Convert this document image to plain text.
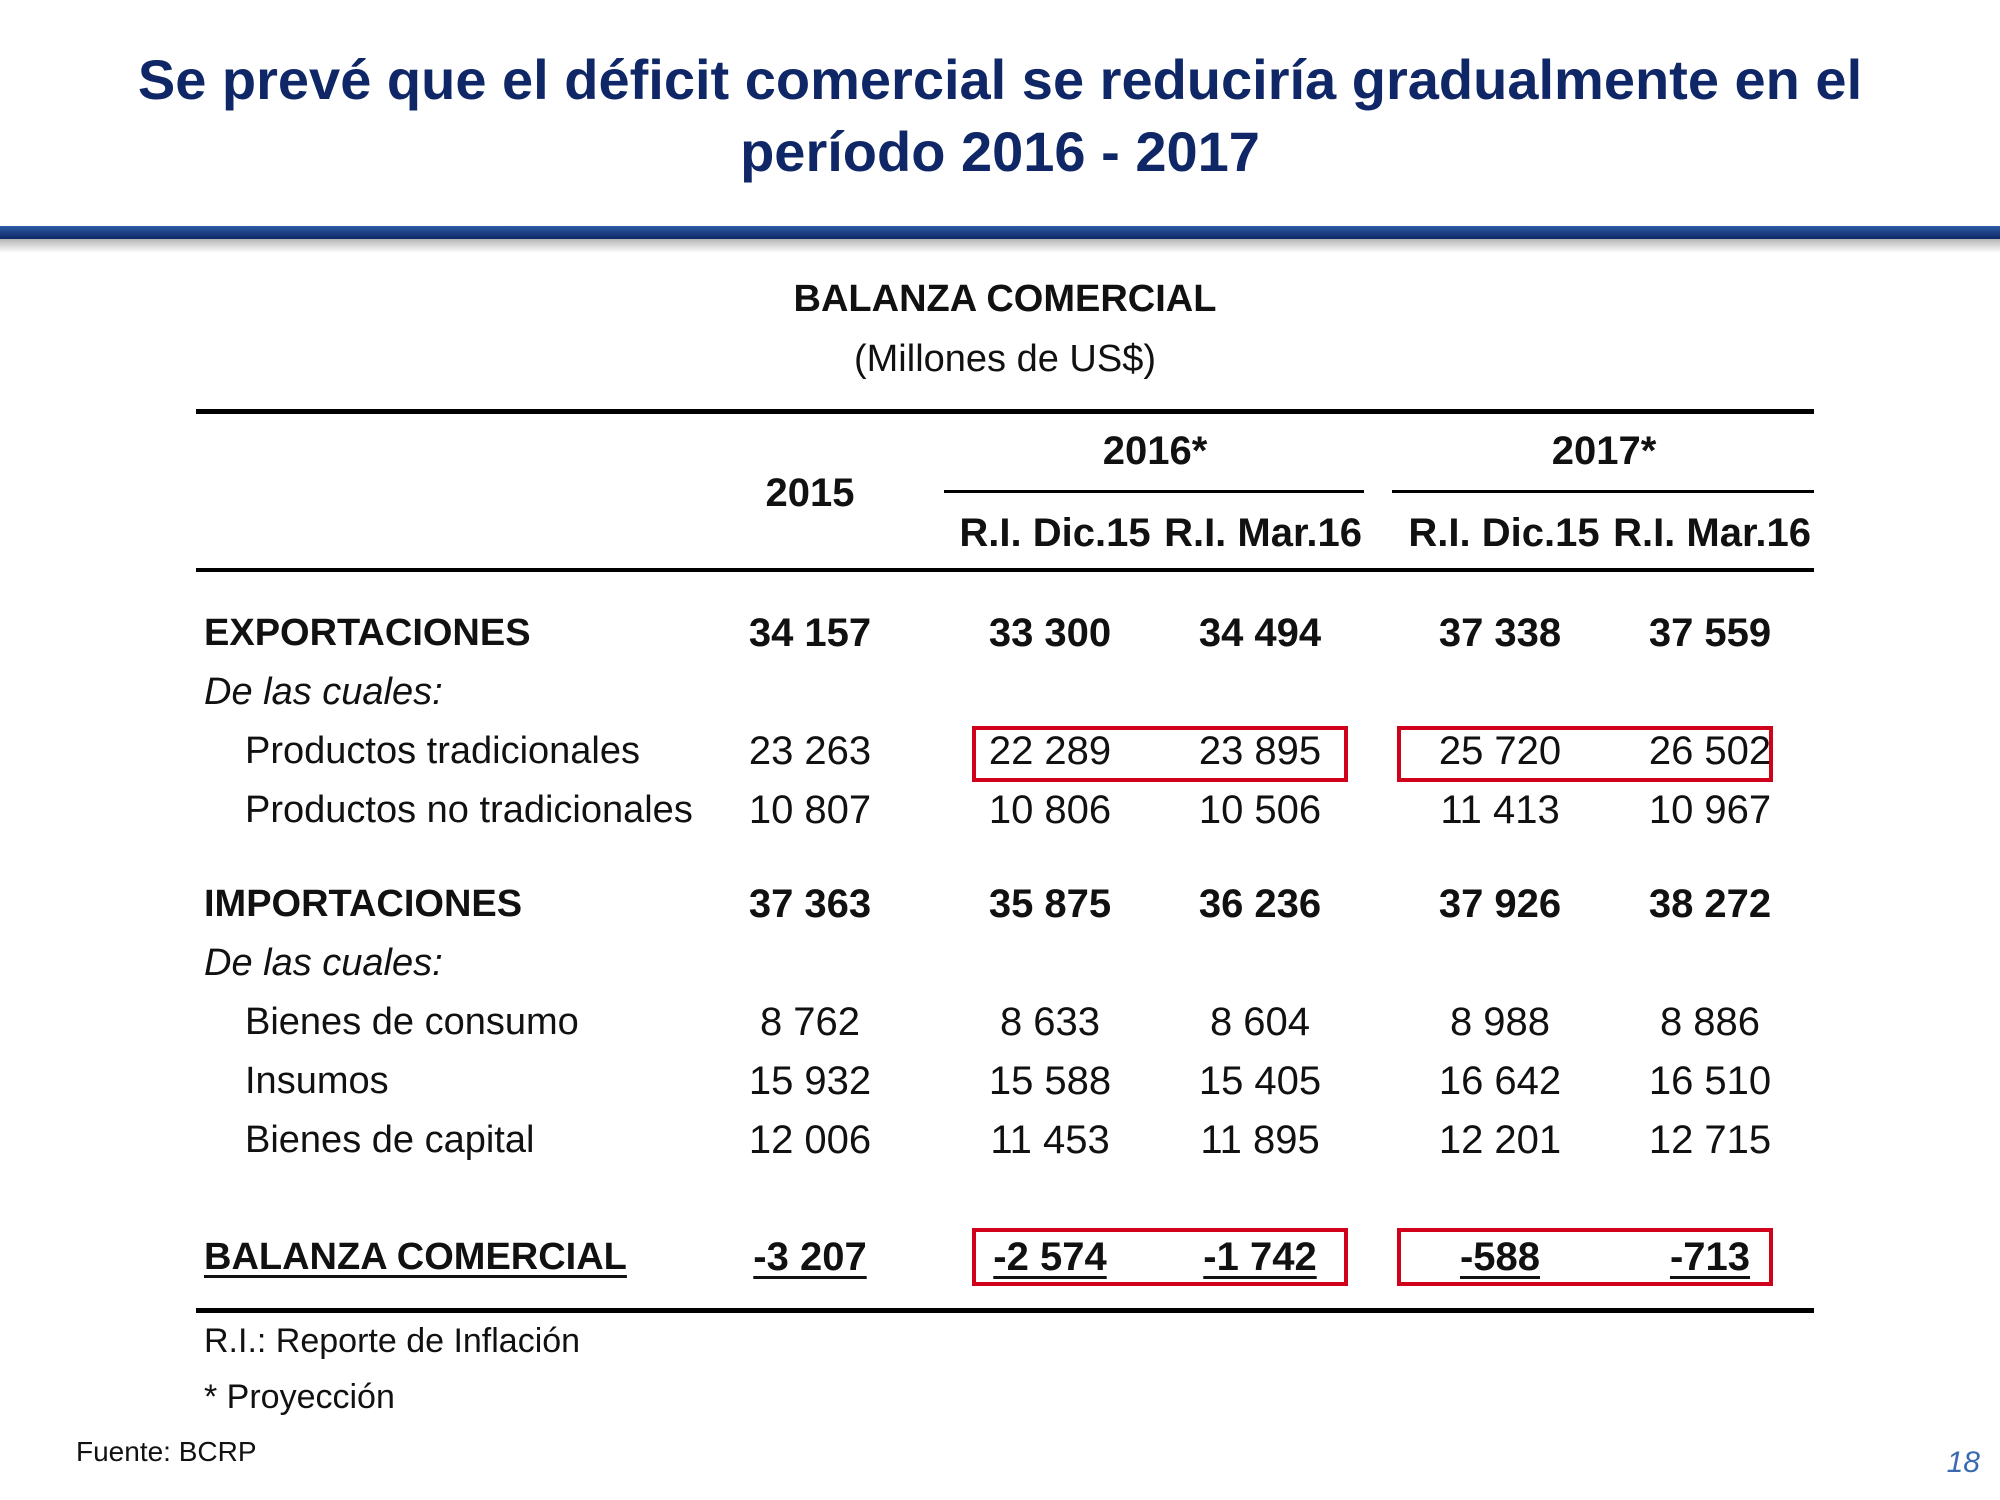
Se prevé que el déficit comercial se reduciría gradualmente en el período 2016 - 2017
BALANZA COMERCIAL
(Millones de US$)
2015
2016*	2017*
R.I. Dic.15 R.I. Mar.16	R.I. Dic.15 R.I. Mar.16
EXPORTACIONES	34 157	33 300	34 494	37 338	37 559
De las cuales:
Productos tradicionales	23 263	22 289	23 895	25 720	26 502
Productos no tradicionales	10 807	10 806	10 506	11 413	10 967
IMPORTACIONES	37 363	35 875	36 236	37 926	38 272
De las cuales:
Bienes de consumo	8 762	8 633	8 604	8 988	8 886
Insumos	15 932	15 588	15 405	16 642	16 510
Bienes de capital	12 006	11 453	11 895	12 201	12 715
BALANZA COMERCIAL	-3 207	-2 574	-1 742	-588	-713
R.I.: Reporte de Inflación
* Proyección
Fuente: BCRP	18
